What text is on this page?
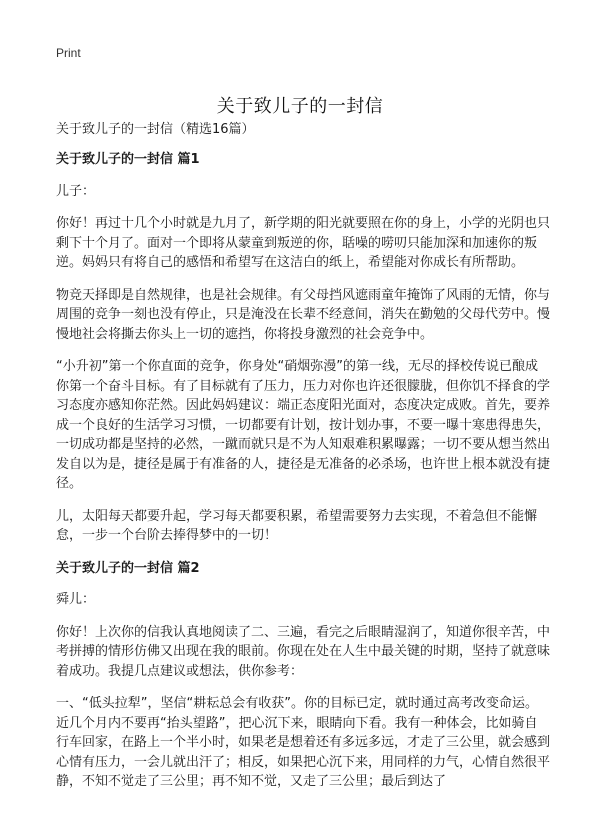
Print
关于致儿子的一封信
关于致儿子的一封信（精选16篇）
关于致儿子的一封信 篇1

儿子：

你好！再过十几个小时就是九月了，新学期的阳光就要照在你的身上，小学的光阴也只剩下十个月了。面对一个即将从蒙童到叛逆的你，聒噪的唠叨只能加深和加速你的叛逆。妈妈只有将自己的感悟和希望写在这洁白的纸上，希望能对你成长有所帮助。

物竞天择即是自然规律，也是社会规律。有父母挡风遮雨童年掩饰了风雨的无情，你与周围的竞争一刻也没有停止，只是淹没在长辈不经意间，消失在勤勉的父母代劳中。慢慢地社会将撕去你头上一切的遮挡，你将投身激烈的社会竞争中。

“小升初”第一个你直面的竞争，你身处“硝烟弥漫”的第一线，无尽的择校传说已酿成你第一个奋斗目标。有了目标就有了压力，压力对你也许还很朦胧，但你饥不择食的学习态度亦感知你茫然。因此妈妈建议：端正态度阳光面对，态度决定成败。首先，要养成一个良好的生活学习习惯，一切都要有计划，按计划办事，不要一曝十寒患得患失，一切成功都是坚持的必然，一蹴而就只是不为人知艰难积累曝露；一切不要从想当然出发自以为是，捷径是属于有准备的人，捷径是无准备的必杀场，也许世上根本就没有捷径。

儿，太阳每天都要升起，学习每天都要积累，希望需要努力去实现，不着急但不能懈怠，一步一个台阶去捧得梦中的一切！

关于致儿子的一封信 篇2

舜儿：

你好！上次你的信我认真地阅读了二、三遍，看完之后眼睛湿润了，知道你很辛苦，中考拼搏的情形仿佛又出现在我的眼前。你现在处在人生中最关键的时期，坚持了就意味着成功。我提几点建议或想法，供你参考：

一、“低头拉犁”，坚信“耕耘总会有收获”。你的目标已定，就时通过高考改变命运。近几个月内不要再“抬头望路”，把心沉下来，眼睛向下看。我有一种体会，比如骑自行车回家，在路上一个半小时，如果老是想着还有多远多远，才走了三公里，就会感到心情有压力，一会儿就出汗了；相反，如果把心沉下来，用同样的力气，心情自然很平静，不知不觉走了三公里；再不知不觉，又走了三公里；最后到达了
